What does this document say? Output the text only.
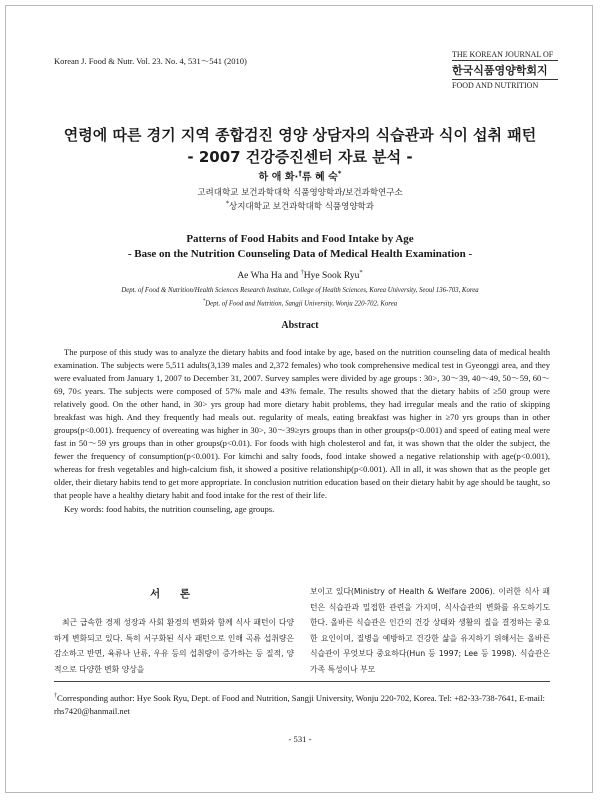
Korean J. Food & Nutr. Vol. 23. No. 4, 531～541 (2010)
THE KOREAN JOURNAL OF
한국식품영양학회지
FOOD AND NUTRITION
연령에 따른 경기 지역 종합검진 영양 상담자의 식습관과 식이 섭취 패턴
- 2007 건강증진센터 자료 분석 -
하 애 화·†류 혜 숙*
고려대학교 보건과학대학 식품영양학과/보건과학연구소
*상지대학교 보건과학대학 식품영양학과
Patterns of Food Habits and Food Intake by Age
- Base on the Nutrition Counseling Data of Medical Health Examination -
Ae Wha Ha and †Hye Sook Ryu*
Dept. of Food & Nutrition/Health Sciences Research Institute, College of Health Sciences, Korea University, Seoul 136-703, Korea
*Dept. of Food and Nutrition, Sangji University, Wonju 220-702, Korea
Abstract

The purpose of this study was to analyze the dietary habits and food intake by age, based on the nutrition counseling data of medical health examination. The subjects were 5,511 adults(3,139 males and 2,372 females) who took comprehensive medical test in Gyeonggi area, and they were evaluated from January 1, 2007 to December 31, 2007. Survey samples were divided by age groups : 30>, 30～39, 40～49, 50～59, 60～69, 70≤ years. The subjects were composed of 57% male and 43% female. The results showed that the dietary habits of ≥50 group were relatively good. On the other hand, in 30> yrs group had more dietary habit problems, they had irregular meals and the ratio of skipping breakfast was high. And they frequently had meals out. regularity of meals, eating breakfast was higher in ≥70 yrs groups than in other groups(p<0.001). frequency of overeating was higher in 30>, 30～39≥yrs groups than in other groups(p<0.001) and speed of eating meal were fast in 50～59 yrs groups than in other groups(p<0.01). For foods with high cholesterol and fat, it was shown that the older the subject, the fewer the frequency of consumption(p<0.001). For kimchi and salty foods, food intake showed a negative relationship with age(p<0.001), whereas for fresh vegetables and high-calcium fish, it showed a positive relationship(p<0.001). All in all, it was shown that as the people get older, their dietary habits tend to get more appropriate. In conclusion nutrition education based on their dietary habit by age should be taught, so that people have a healthy dietary habit and food intake for the rest of their life.

Key words: food habits, the nutrition counseling, age groups.

서 론

최근 급속한 경제 성장과 사회 환경의 변화와 함께 식사 패턴이 다양하게 변화되고 있다. 특히 서구화된 식사 패턴으로 인해 곡류 섭취량은 감소하고 반면, 육류나 난류, 우유 등의 섭취량이 증가하는 등 질적, 양적으로 다양한 변화 양상을

보이고 있다(Ministry of Health & Welfare 2006). 이러한 식사 패턴은 식습관과 밀접한 관련을 가지며, 식사습관의 변화를 유도하기도 한다. 올바른 식습관은 인간의 건강 상태와 생활의 질을 결정하는 중요한 요인이며, 질병을 예방하고 건강한 삶을 유지하기 위해서는 올바른 식습관이 무엇보다 중요하다(Hun 등 1997; Lee 등 1998). 식습관은 가족 특성이나 부모

†Corresponding author: Hye Sook Ryu, Dept. of Food and Nutrition, Sangji University, Wonju 220-702, Korea. Tel: +82-33-738-7641, E-mail: rhs7420@hanmail.net
- 531 -
